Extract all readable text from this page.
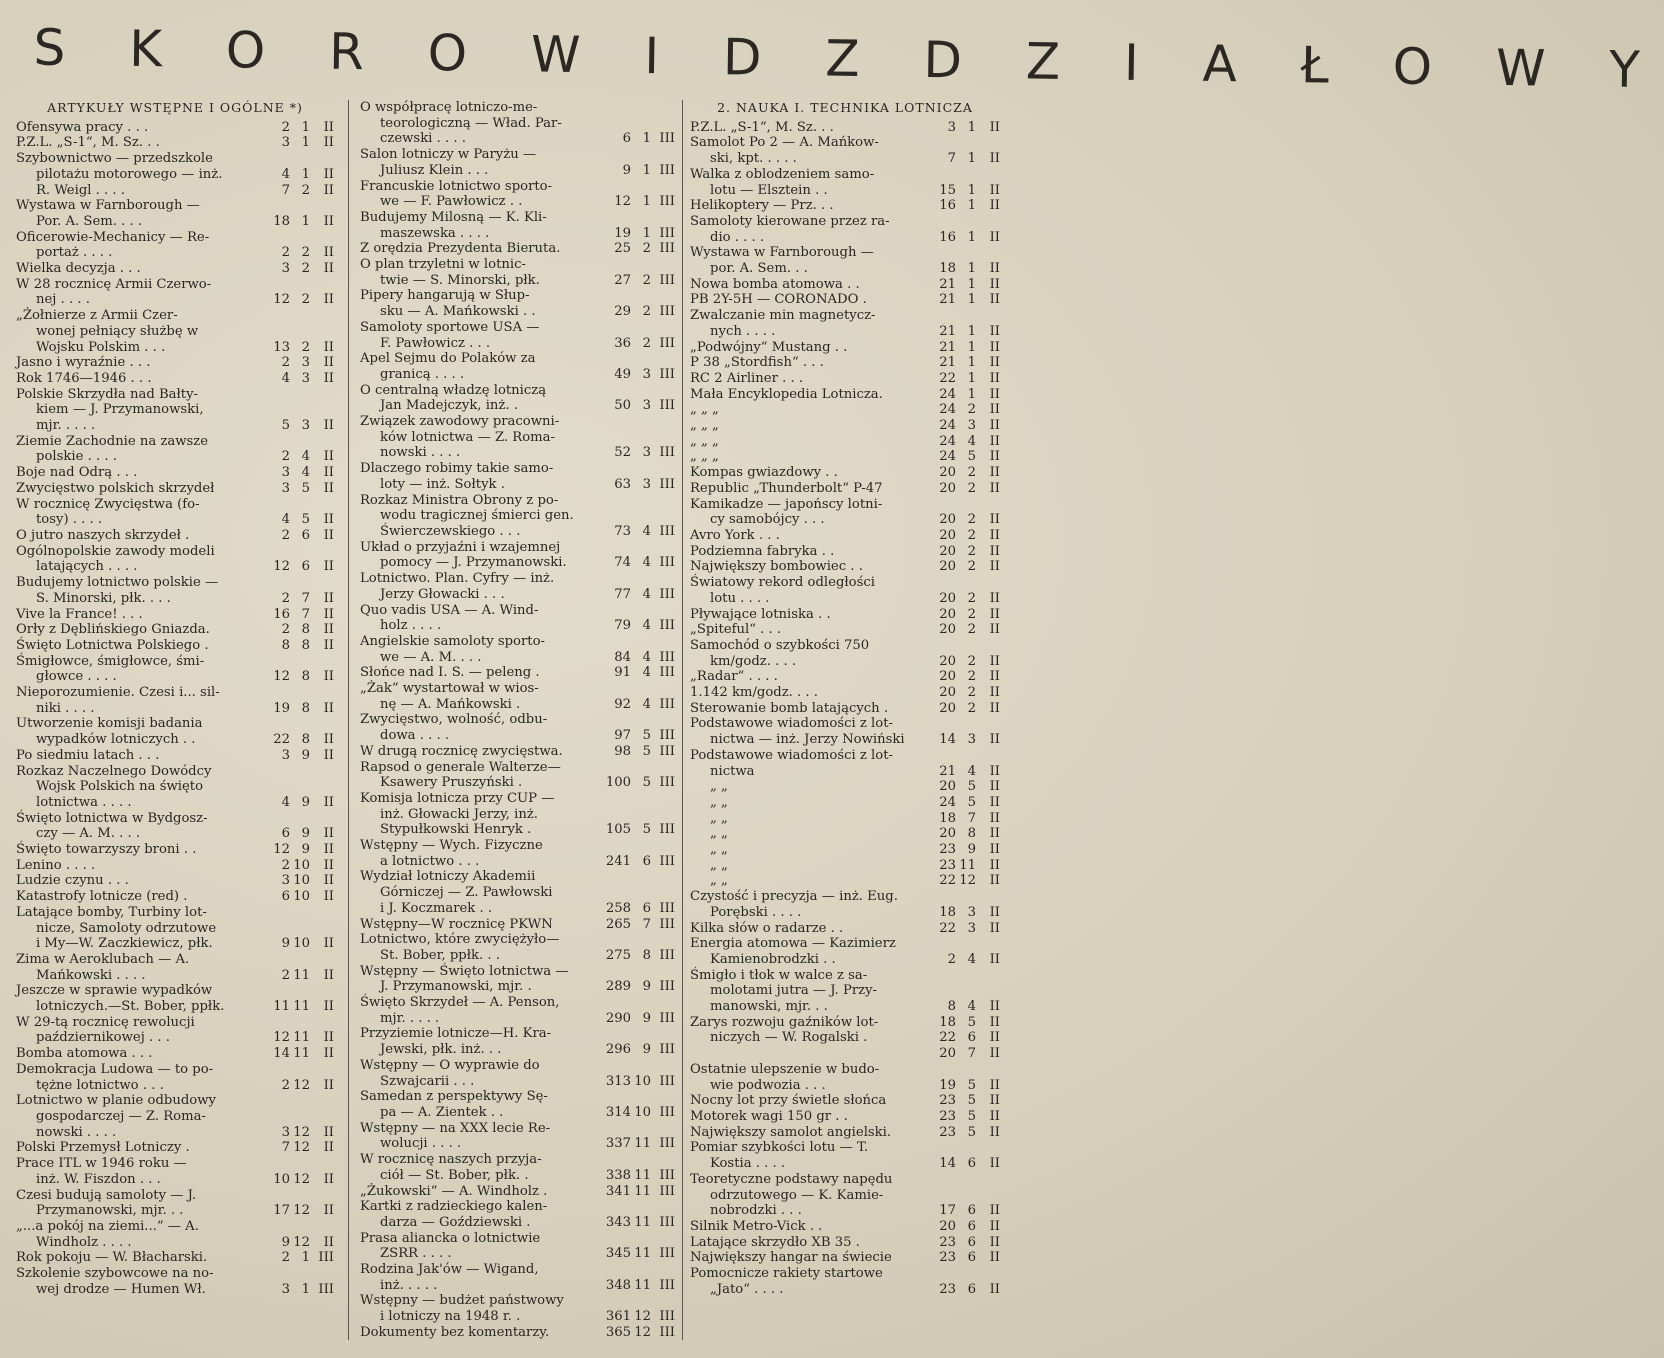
S K O R O W I D Z D Z I A Ł O W Y
ARTYKUŁY WSTĘPNE I OGÓLNE *)
Ofensywa pracy . . .	2 1	II
P.Z.L. „S-1“, M. Sz. . .	3 1	II
Szybownictwo — przedszkole
pilotażu motorowego — inż.	4 1	II
R. Weigl . . . .	7 2	II
Wystawa w Farnborough —
Por. A. Sem. . . .	18 1	II
Oficerowie-Mechanicy — Re-
portaż . . . .	2 2	II
Wielka decyzja . . .	3 2	II
W 28 rocznicę Armii Czerwo-
nej . . . .	12 2	II
„Żołnierze z Armii Czer-
wonej pełniący służbę w
Wojsku Polskim . . .	13 2	II
Jasno i wyraźnie . . .	2 3	II
Rok 1746—1946 . . .	4 3	II
Polskie Skrzydła nad Bałty-
kiem — J. Przymanowski,
mjr. . . . .	5 3	II
Ziemie Zachodnie na zawsze
polskie . . . .	2 4	II
Boje nad Odrą . . .	3 4	II
Zwycięstwo polskich skrzydeł	3 5	II
W rocznicę Zwycięstwa (fo-
tosy) . . . .	4 5	II
O jutro naszych skrzydeł .	2 6	II
Ogólnopolskie zawody modeli
latających . . . .	12 6	II
Budujemy lotnictwo polskie —
S. Minorski, płk. . . .	2 7	II
Vive la France! . . .	16 7	II
Orły z Dęblińskiego Gniazda.	2 8	II
Święto Lotnictwa Polskiego .	8 8	II
Śmigłowce, śmigłowce, śmi-
głowce . . . .	12 8	II
Nieporozumienie. Czesi i... sil-
niki . . . .	19 8	II
Utworzenie komisji badania
wypadków lotniczych . .	22 8	II
Po siedmiu latach . . .	3 9	II
Rozkaz Naczelnego Dowódcy
Wojsk Polskich na święto
lotnictwa . . . .	4 9	II
Święto lotnictwa w Bydgosz-
czy — A. M. . . .	6 9	II
Święto towarzyszy broni . .	12 9	II
Lenino . . . .	2 10	II
Ludzie czynu . . .	3 10	II
Katastrofy lotnicze (red) .	6 10	II
Latające bomby, Turbiny lot-
nicze, Samoloty odrzutowe
i My—W. Zaczkiewicz, płk.	9 10	II
Zima w Aeroklubach — A.
Mańkowski . . . .	2 11	II
Jeszcze w sprawie wypadków
lotniczych.—St. Bober, ppłk.	11 11	II
W 29-tą rocznicę rewolucji
październikowej . . .	12 11	II
Bomba atomowa . . .	14 11	II
Demokracja Ludowa — to po-
tężne lotnictwo . . .	2 12	II
Lotnictwo w planie odbudowy
gospodarczej — Z. Roma-
nowski . . . .	3 12	II
Polski Przemysł Lotniczy .	7 12	II
Prace ITL w 1946 roku —
inż. W. Fiszdon . . .	10 12	II
Czesi budują samoloty — J.
Przymanowski, mjr. . .	17 12	II
„...a pokój na ziemi...“ — A.
Windholz . . . .	9 12	II
Rok pokoju — W. Błacharski.	2 1 III
Szkolenie szybowcowe na no-
wej drodze — Humen Wł.	3 1 III
O współpracę lotniczo-me-
teorologiczną — Wład. Par-
czewski . . . .	6 1 III
Salon lotniczy w Paryżu —
Juliusz Klein . . .	9 1 III
Francuskie lotnictwo sporto-
we — F. Pawłowicz . .	12 1 III
Budujemy Milosną — K. Kli-
maszewska . . . .	19 1 III
Z orędzia Prezydenta Bieruta.	25 2 III
O plan trzyletni w lotnic-
twie — S. Minorski, płk.	27 2 III
Pipery hangarują w Słup-
sku — A. Mańkowski . .	29 2 III
Samoloty sportowe USA —
F. Pawłowicz . . .	36 2 III
Apel Sejmu do Polaków za
granicą . . . .	49 3 III
O centralną władzę lotniczą
Jan Madejczyk, inż. .	50 3 III
Związek zawodowy pracowni-
ków lotnictwa — Z. Roma-
nowski . . . .	52 3 III
Dlaczego robimy takie samo-
loty — inż. Sołtyk .	63 3 III
Rozkaz Ministra Obrony z po-
wodu tragicznej śmierci gen.
Świerczewskiego . . .	73 4 III
Układ o przyjaźni i wzajemnej
pomocy — J. Przymanowski.	74 4 III
Lotnictwo. Plan. Cyfry — inż.
Jerzy Głowacki . . .	77 4 III
Quo vadis USA — A. Wind-
holz . . . .	79 4 III
Angielskie samoloty sporto-
we — A. M. . . .	84 4 III
Słońce nad I. S. — peleng .	91 4 III
„Żak“ wystartował w wios-
nę — A. Mańkowski .	92 4 III
Zwycięstwo, wolność, odbu-
dowa . . . .	97 5 III
W drugą rocznicę zwycięstwa.	98 5 III
Rapsod o generale Walterze—
Ksawery Pruszyński .	100 5 III
Komisja lotnicza przy CUP —
inż. Głowacki Jerzy, inż.
Stypułkowski Henryk .	105 5 III
Wstępny — Wych. Fizyczne
a lotnictwo . . .	241 6 III
Wydział lotniczy Akademii
Górniczej — Z. Pawłowski
i J. Koczmarek . .	258 6 III
Wstępny—W rocznicę PKWN	265 7 III
Lotnictwo, które zwyciężyło—
St. Bober, ppłk. . .	275 8 III
Wstępny — Święto lotnictwa —
J. Przymanowski, mjr. .	289 9 III
Święto Skrzydeł — A. Penson,
mjr. . . . .	290 9 III
Przyziemie lotnicze—H. Kra-
Jewski, płk. inż. . .	296 9 III
Wstępny — O wyprawie do
Szwajcarii . . .	313 10 III
Samedan z perspektywy Sę-
pa — A. Zientek . .	314 10 III
Wstępny — na XXX lecie Re-
wolucji . . . .	337 11 III
W rocznicę naszych przyja-
ciół — St. Bober, płk. .	338 11 III
„Żukowski“ — A. Windholz .	341 11 III
Kartki z radzieckiego kalen-
darza — Goździewski .	343 11 III
Prasa aliancka o lotnictwie
ZSRR . . . .	345 11 III
Rodzina Jak'ów — Wigand,
inż. . . . .	348 11 III
Wstępny — budżet państwowy
i lotniczy na 1948 r. .	361 12 III
Dokumenty bez komentarzy.	365 12 III
2. NAUKA I. TECHNIKA LOTNICZA
P.Z.L. „S-1“, M. Sz. . .	3 1	II
Samolot Po 2 — A. Mańkow-
ski, kpt. . . . .	7 1	II
Walka z oblodzeniem samo-
lotu — Elsztein . .	15 1	II
Helikoptery — Prz. . .	16 1	II
Samoloty kierowane przez ra-
dio . . . .	16 1	II
Wystawa w Farnborough —
por. A. Sem. . .	18 1	II
Nowa bomba atomowa . .	21 1	II
PB 2Y-5H — CORONADO .	21 1	II
Zwalczanie min magnetycz-
nych . . . .	21 1	II
„Podwójny“ Mustang . .	21 1	II
P 38 „Stordfish“ . . .	21 1	II
RC 2 Airliner . . .	22 1	II
Mała Encyklopedia Lotnicza.	24 1	II
„ „ „	24 2	II
„ „ „	24 3	II
„ „ „	24 4	II
„ „ „	24 5	II
Kompas gwiazdowy . .	20 2	II
Republic „Thunderbolt“ P-47	20 2	II
Kamikadze — japońscy lotni-
cy samobójcy . . .	20 2	II
Avro York . . .	20 2	II
Podziemna fabryka . .	20 2	II
Największy bombowiec . .	20 2	II
Światowy rekord odległości
lotu . . . .	20 2	II
Pływające lotniska . .	20 2	II
„Spiteful“ . . .	20 2	II
Samochód o szybkości 750
km/godz. . . .	20 2	II
„Radar“ . . . .	20 2	II
1.142 km/godz. . . .	20 2	II
Sterowanie bomb latających .	20 2	II
Podstawowe wiadomości z lot-
nictwa — inż. Jerzy Nowiński	14 3	II
Podstawowe wiadomości z lot-
nictwa	21 4	II
„ „	20 5	II
„ „	24 5	II
„ „	18 7	II
„ „	20 8	II
„ „	23 9	II
„ „	23 11	II
„ „	22 12	II
Czystość i precyzja — inż. Eug.
Porębski . . . .	18 3	II
Kilka słów o radarze . .	22 3	II
Energia atomowa — Kazimierz
Kamienobrodzki . .	2 4	II
Śmigło i tłok w walce z sa-
molotami jutra — J. Przy-
manowski, mjr. . .	8 4	II
Zarys rozwoju gaźników lot-	18 5	II
niczych — W. Rogalski .	22 6	II
20 7	II
Ostatnie ulepszenie w budo-
wie podwozia . . .	19 5	II
Nocny lot przy świetle słońca	23 5	II
Motorek wagi 150 gr . .	23 5	II
Największy samolot angielski.	23 5	II
Pomiar szybkości lotu — T.
Kostia . . . .	14 6	II
Teoretyczne podstawy napędu
odrzutowego — K. Kamie-
nobrodzki . . .	17 6	II
Silnik Metro-Vick . .	20 6	II
Latające skrzydło XB 35 .	23 6	II
Największy hangar na świecie	23 6	II
Pomocnicze rakiety startowe
„Jato“ . . . .	23 6	II
